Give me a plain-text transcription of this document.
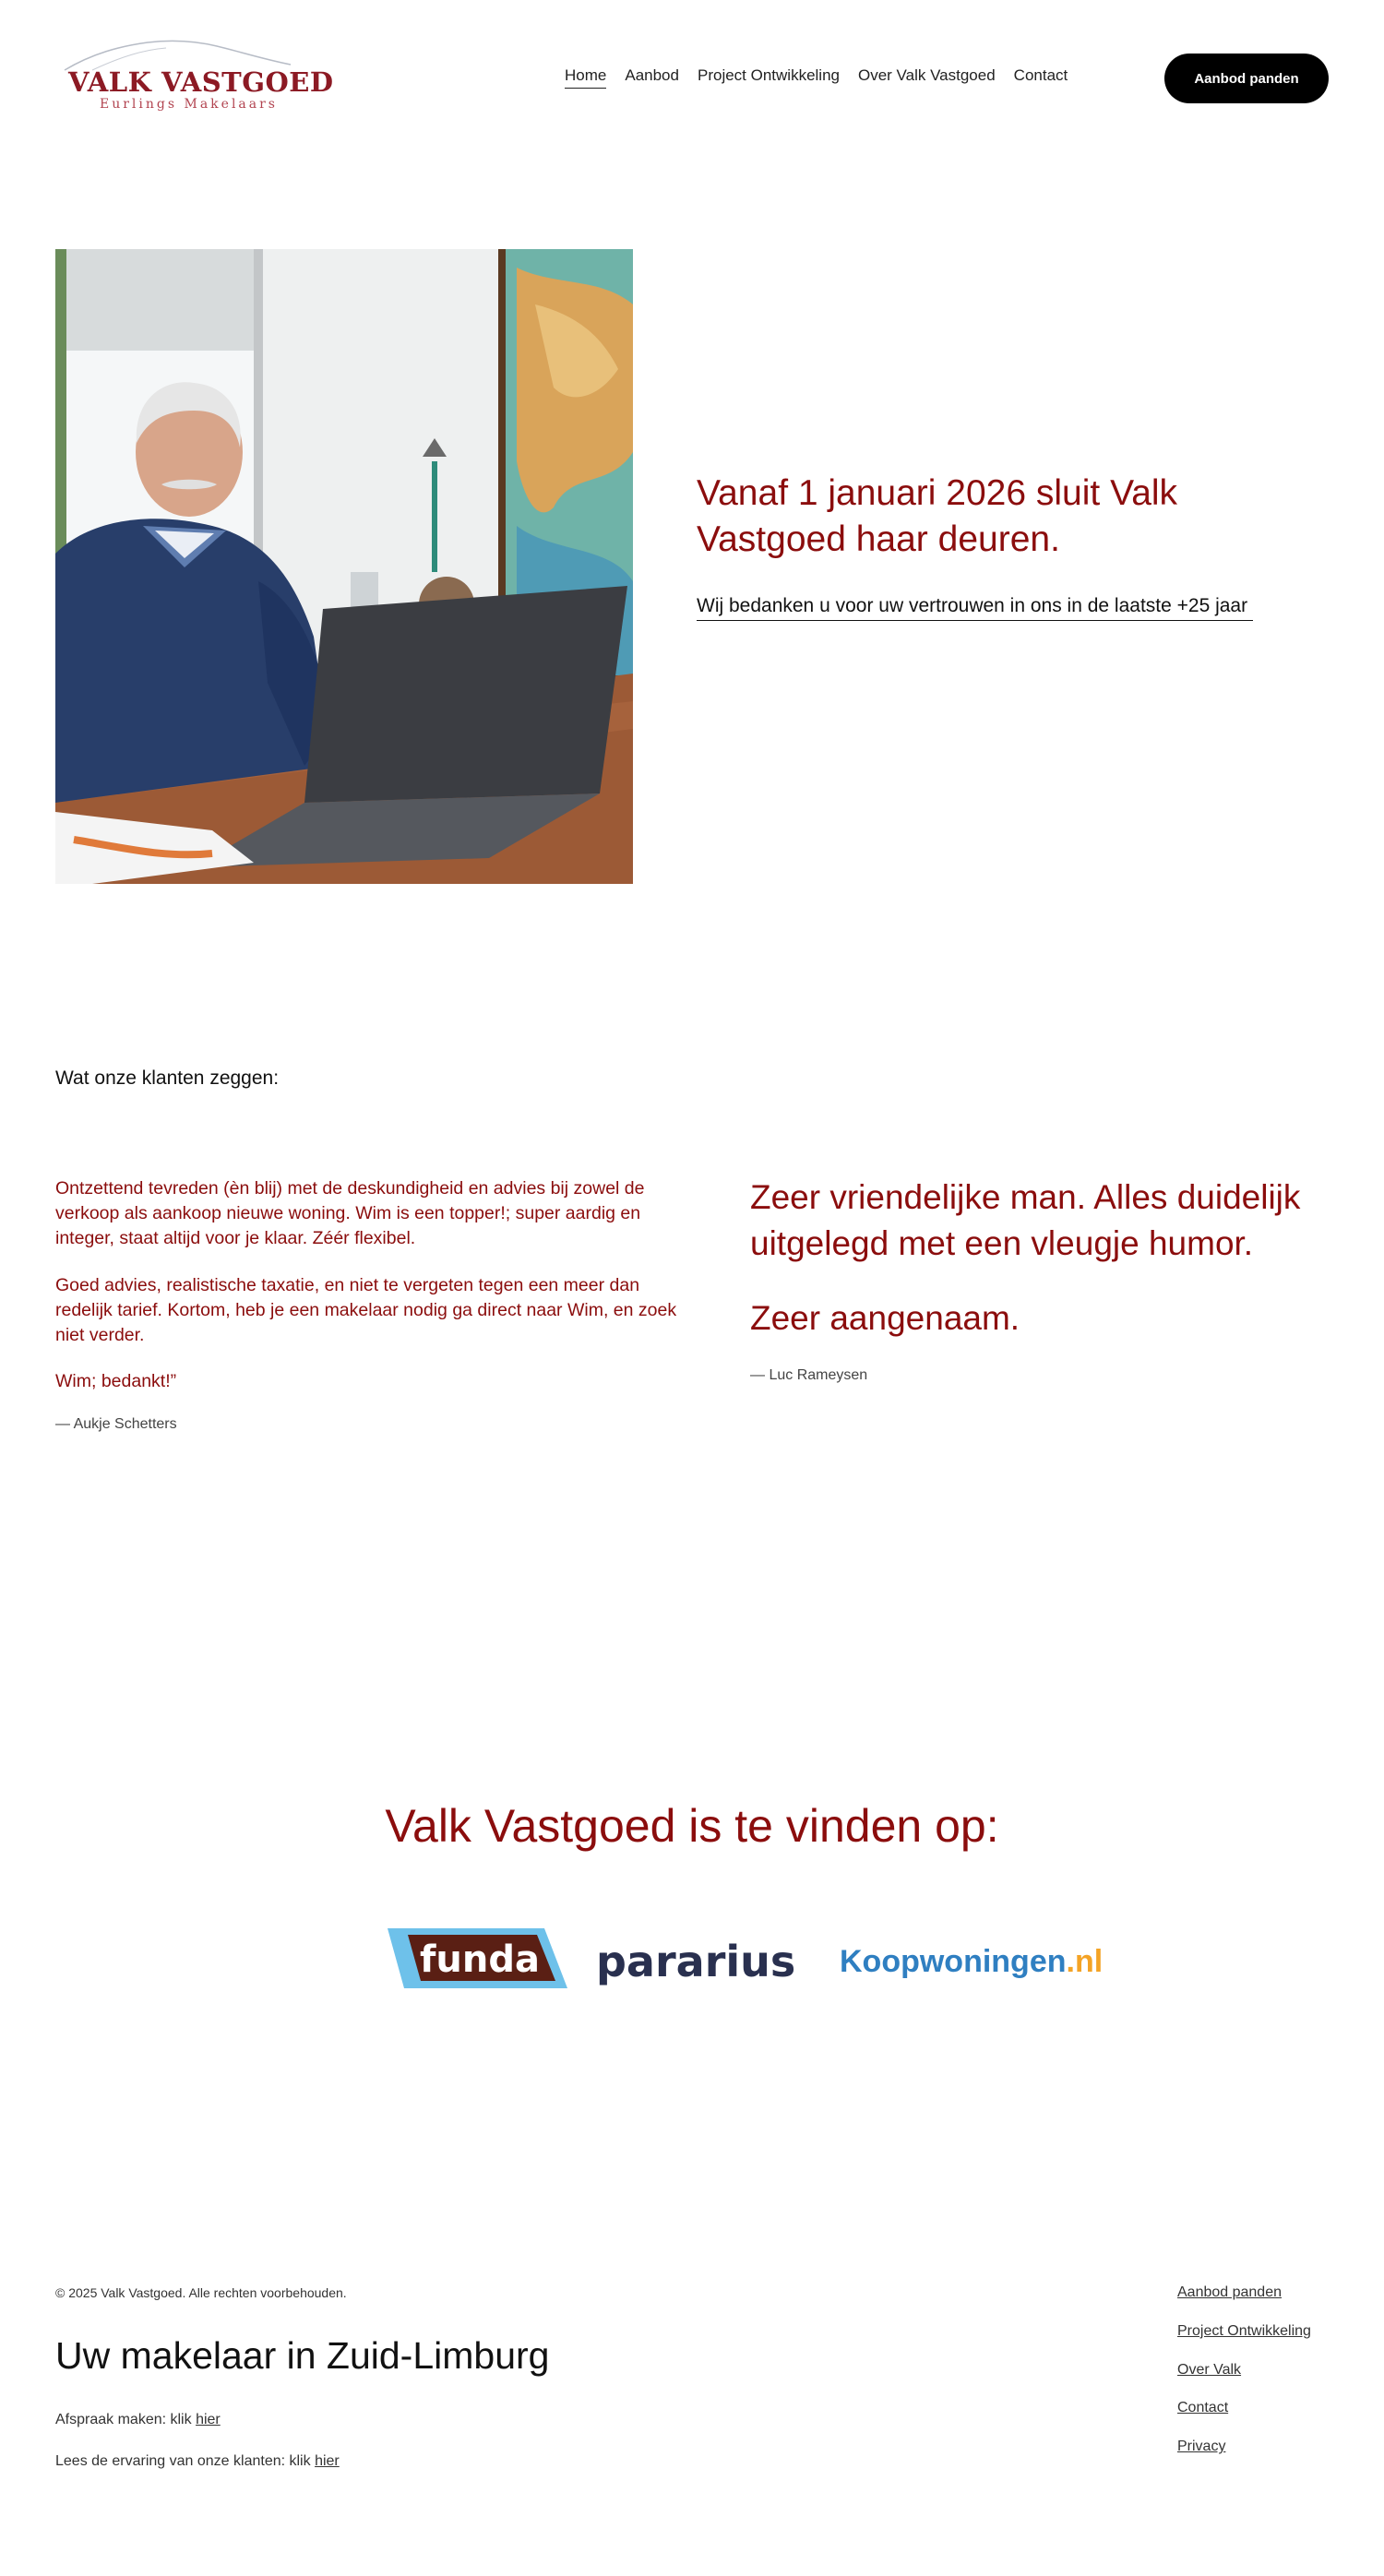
VALK VASTGOED
Eurlings Makelaars
Home Aanbod Project Ontwikkeling Over Valk Vastgoed Contact	Aanbod panden
Vanaf 1 januari 2026 sluit Valk Vastgoed haar deuren.
Wij bedanken u voor uw vertrouwen in ons in de laatste +25 jaar
Wat onze klanten zeggen:

Ontzettend tevreden (èn blij) met de deskundigheid en advies bij zowel de verkoop als aankoop nieuwe woning. Wim is een topper!; super aardig en integer, staat altijd voor je klaar. Zéér flexibel.

Goed advies, realistische taxatie, en niet te vergeten tegen een meer dan redelijk tarief. Kortom, heb je een makelaar nodig ga direct naar Wim, en zoek niet verder.

Wim; bedankt!”

— Aukje Schetters

Zeer vriendelijke man. Alles duidelijk uitgelegd met een vleugje humor.

Zeer aangenaam.

— Luc Rameysen
Valk Vastgoed is te vinden op:
funda pararius Koopwoningen.nl
© 2025 Valk Vastgoed. Alle rechten voorbehouden.
Uw makelaar in Zuid-Limburg
Afspraak maken: klik hier
Lees de ervaring van onze klanten: klik hier
Aanbod panden
Project Ontwikkeling
Over Valk
Contact
Privacy
